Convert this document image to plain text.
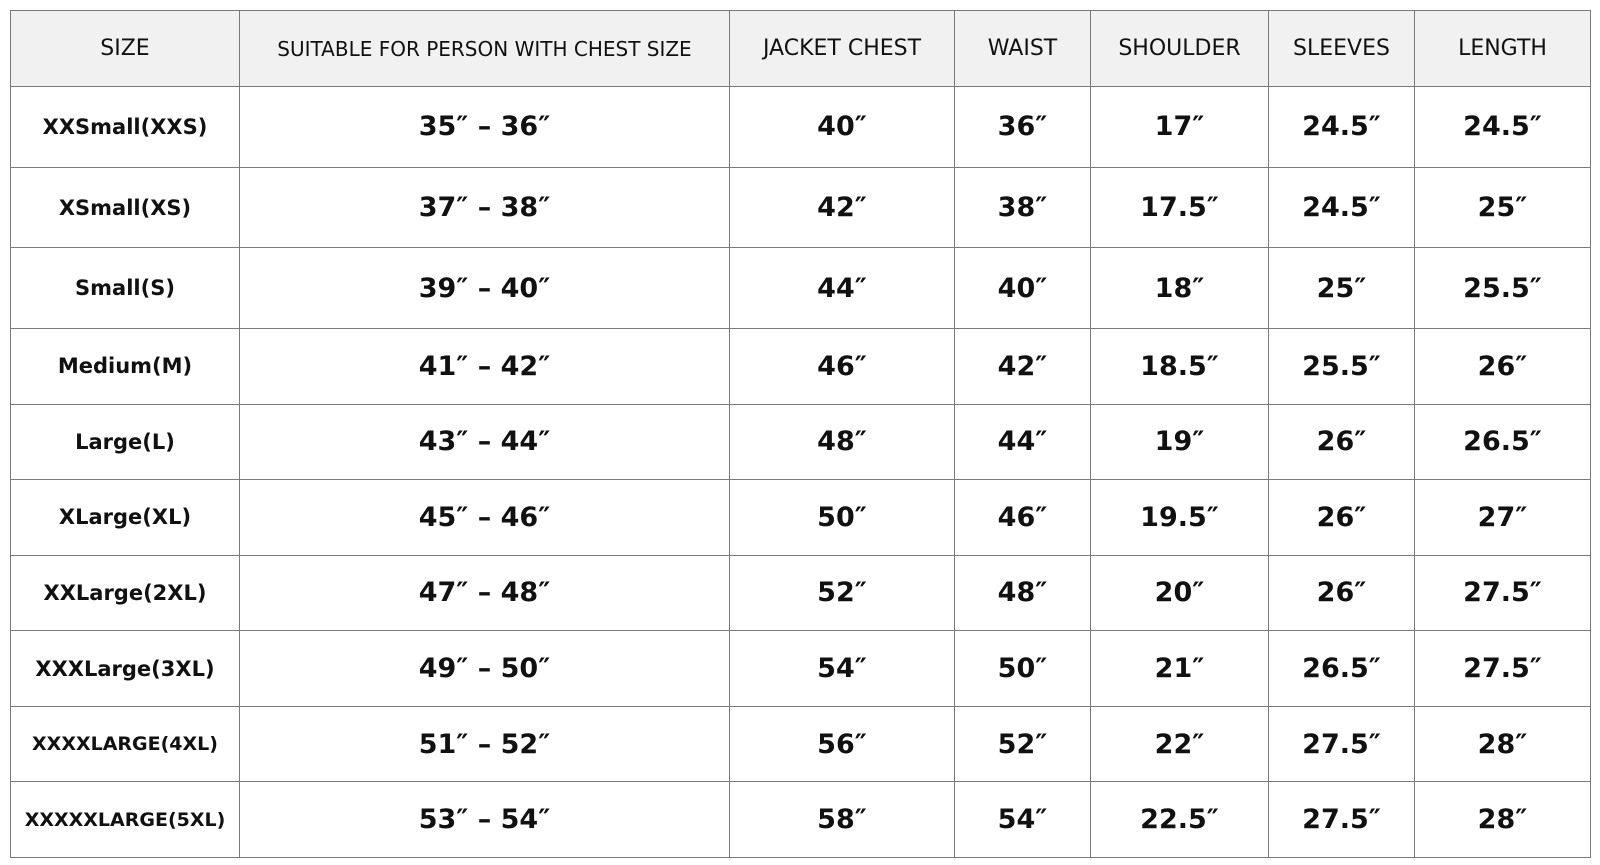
SIZE	SUITABLE FOR PERSON WITH CHEST SIZE	JACKET CHEST	WAIST	SHOULDER	SLEEVES	LENGTH
XXSmall(XXS)	35″ – 36″	40″	36″	17″	24.5″	24.5″
XSmall(XS)	37″ – 38″	42″	38″	17.5″	24.5″	25″
Small(S)	39″ – 40″	44″	40″	18″	25″	25.5″
Medium(M)	41″ – 42″	46″	42″	18.5″	25.5″	26″
Large(L)	43″ – 44″	48″	44″	19″	26″	26.5″
XLarge(XL)	45″ – 46″	50″	46″	19.5″	26″	27″
XXLarge(2XL)	47″ – 48″	52″	48″	20″	26″	27.5″
XXXLarge(3XL)	49″ – 50″	54″	50″	21″	26.5″	27.5″
XXXXLARGE(4XL)	51″ – 52″	56″	52″	22″	27.5″	28″
XXXXXLARGE(5XL)	53″ – 54″	58″	54″	22.5″	27.5″	28″
